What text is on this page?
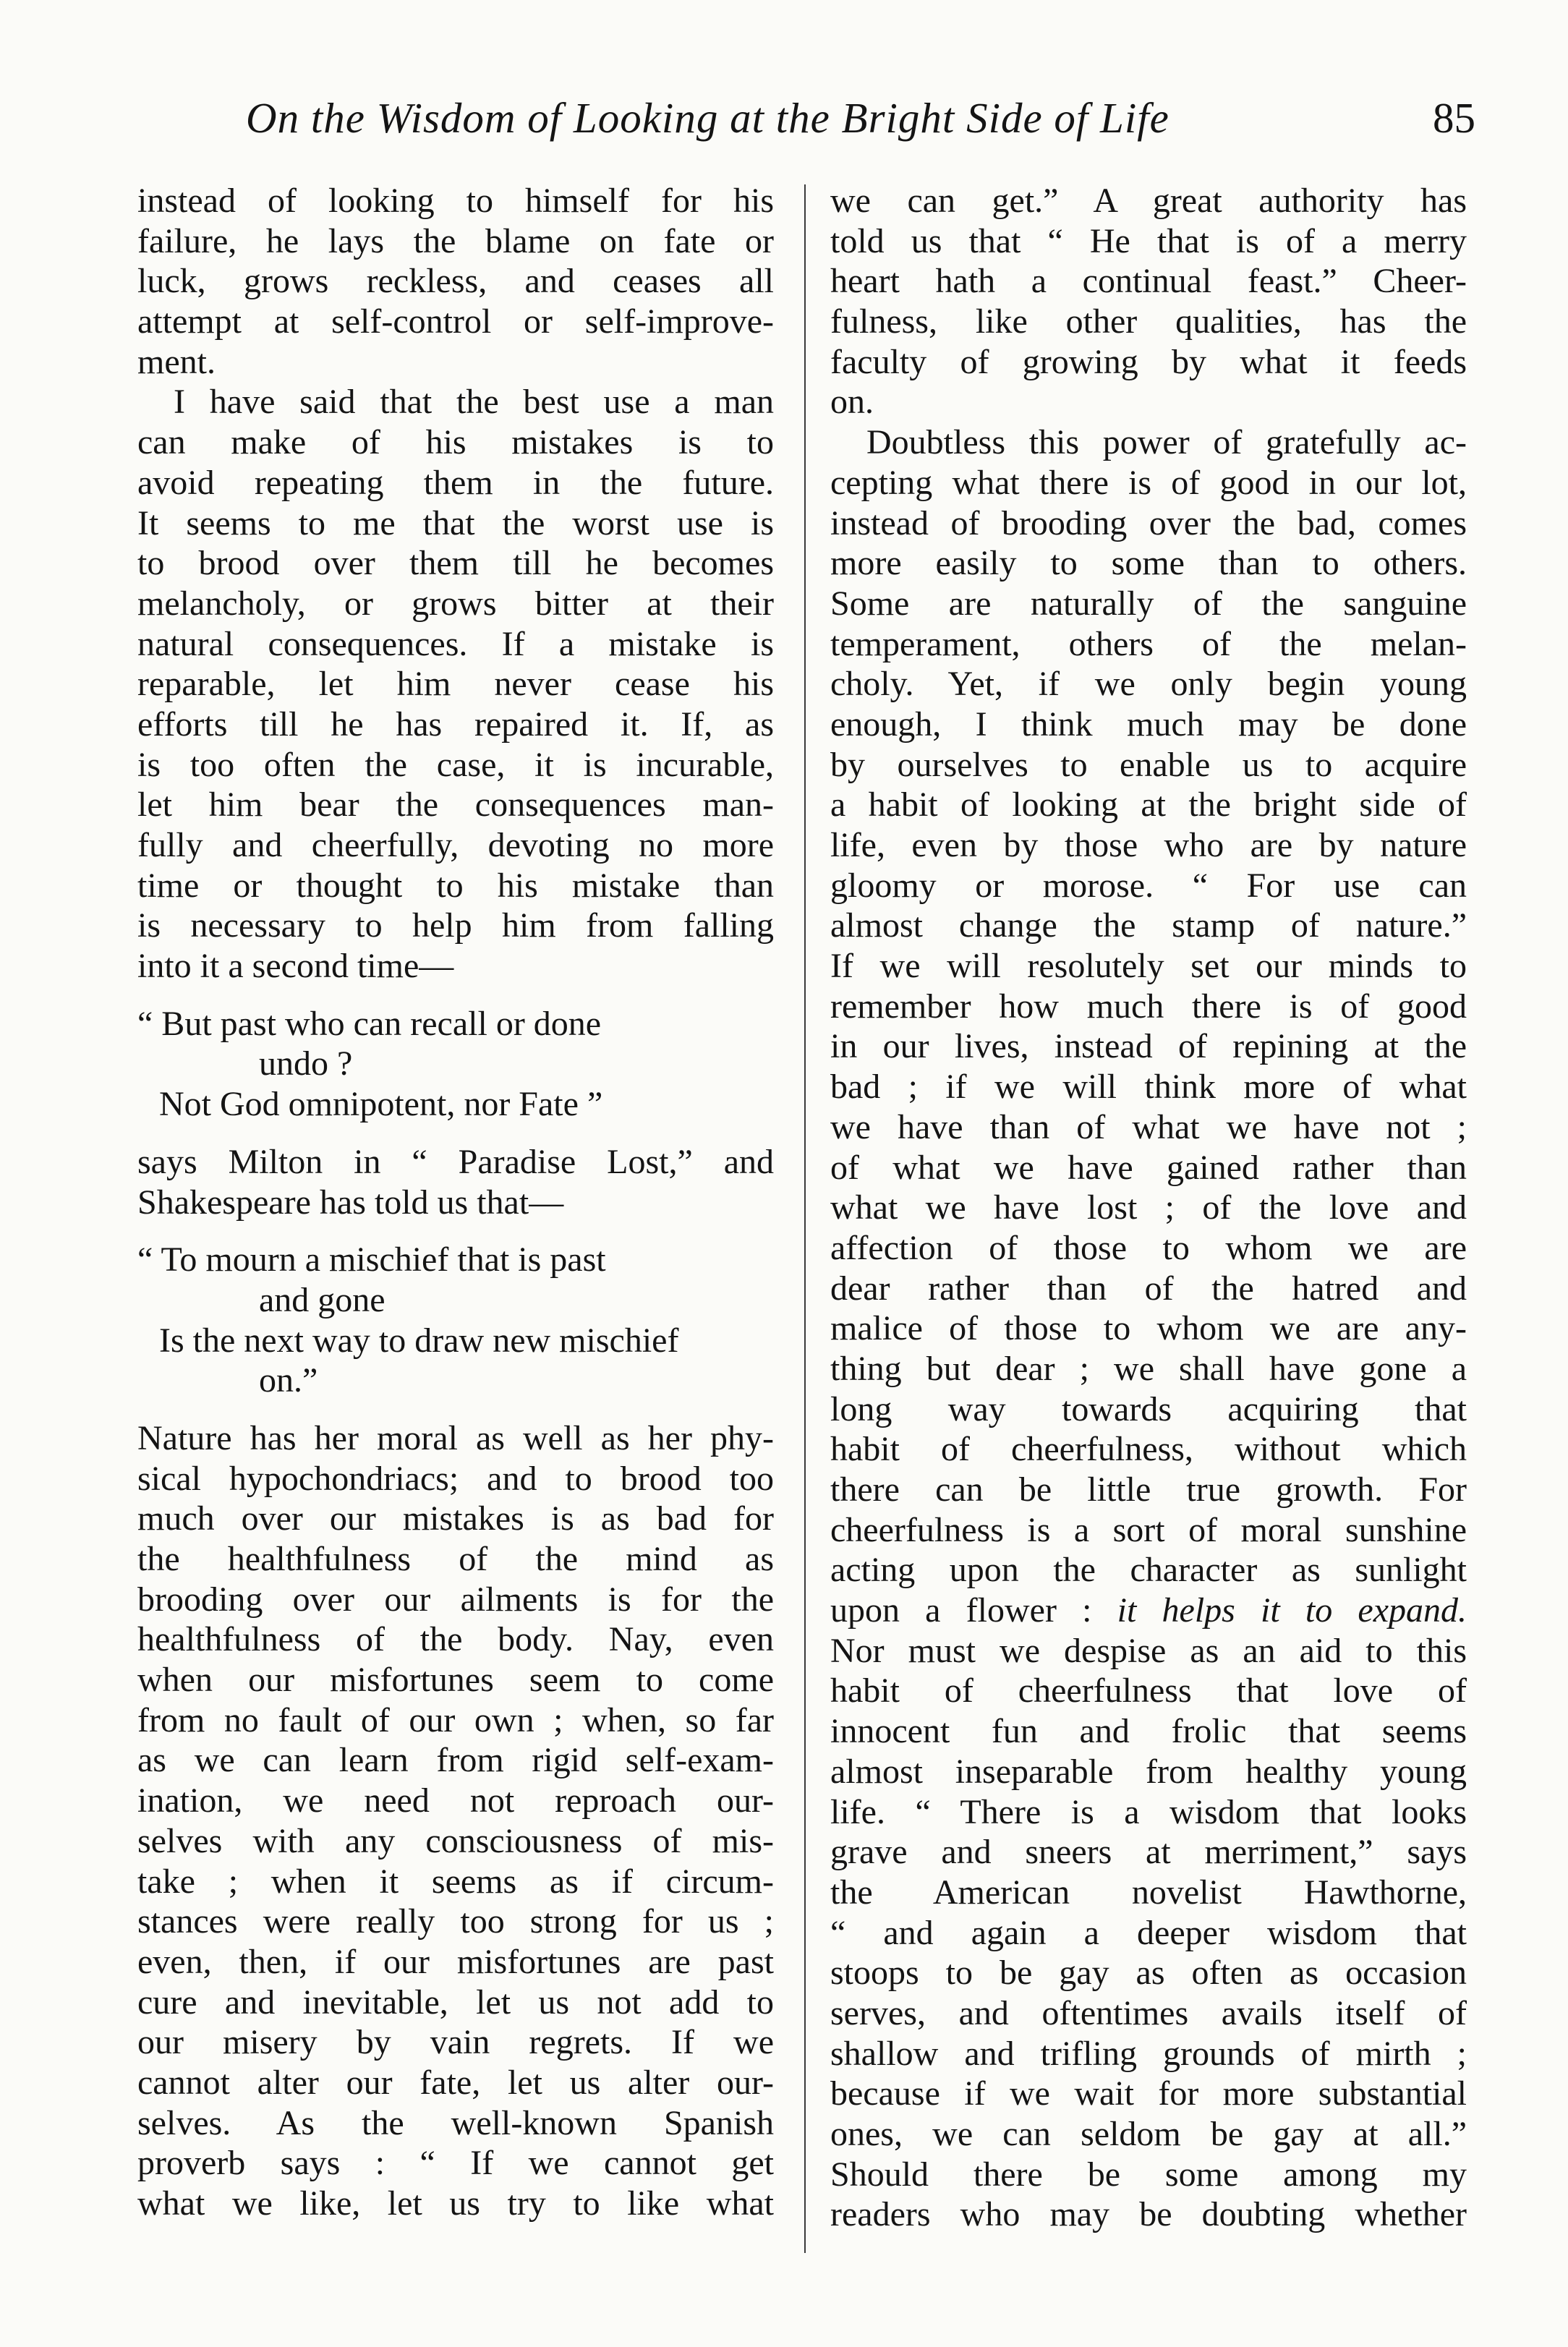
On the Wisdom of Looking at the Bright Side of Life	85
instead of looking to himself for his
failure, he lays the blame on fate or
luck, grows reckless, and ceases all
attempt at self-control or self-improve-
ment.
I have said that the best use a man
can make of his mistakes is to
avoid repeating them in the future.
It seems to me that the worst use is
to brood over them till he becomes
melancholy, or grows bitter at their
natural consequences. If a mistake is
reparable, let him never cease his
efforts till he has repaired it. If, as
is too often the case, it is incurable,
let him bear the consequences man-
fully and cheerfully, devoting no more
time or thought to his mistake than
is necessary to help him from falling
into it a second time—
“ But past who can recall or done
undo ?
Not God omnipotent, nor Fate ”
says Milton in “ Paradise Lost,” and
Shakespeare has told us that—
“ To mourn a mischief that is past
and gone
Is the next way to draw new mischief
on.”
Nature has her moral as well as her phy-
sical hypochondriacs; and to brood too
much over our mistakes is as bad for
the healthfulness of the mind as
brooding over our ailments is for the
healthfulness of the body. Nay, even
when our misfortunes seem to come
from no fault of our own ; when, so far
as we can learn from rigid self-exam-
ination, we need not reproach our-
selves with any consciousness of mis-
take ; when it seems as if circum-
stances were really too strong for us ;
even, then, if our misfortunes are past
cure and inevitable, let us not add to
our misery by vain regrets. If we
cannot alter our fate, let us alter our-
selves. As the well-known Spanish
proverb says : “ If we cannot get
what we like, let us try to like what
we can get.” A great authority has
told us that “ He that is of a merry
heart hath a continual feast.” Cheer-
fulness, like other qualities, has the
faculty of growing by what it feeds
on.
Doubtless this power of gratefully ac-
cepting what there is of good in our lot,
instead of brooding over the bad, comes
more easily to some than to others.
Some are naturally of the sanguine
temperament, others of the melan-
choly. Yet, if we only begin young
enough, I think much may be done
by ourselves to enable us to acquire
a habit of looking at the bright side of
life, even by those who are by nature
gloomy or morose. “ For use can
almost change the stamp of nature.”
If we will resolutely set our minds to
remember how much there is of good
in our lives, instead of repining at the
bad ; if we will think more of what
we have than of what we have not ;
of what we have gained rather than
what we have lost ; of the love and
affection of those to whom we are
dear rather than of the hatred and
malice of those to whom we are any-
thing but dear ; we shall have gone a
long way towards acquiring that
habit of cheerfulness, without which
there can be little true growth. For
cheerfulness is a sort of moral sunshine
acting upon the character as sunlight
upon a flower : it helps it to expand.
Nor must we despise as an aid to this
habit of cheerfulness that love of
innocent fun and frolic that seems
almost inseparable from healthy young
life. “ There is a wisdom that looks
grave and sneers at merriment,” says
the American novelist Hawthorne,
“ and again a deeper wisdom that
stoops to be gay as often as occasion
serves, and oftentimes avails itself of
shallow and trifling grounds of mirth ;
because if we wait for more substantial
ones, we can seldom be gay at all.”
Should there be some among my
readers who may be doubting whether
